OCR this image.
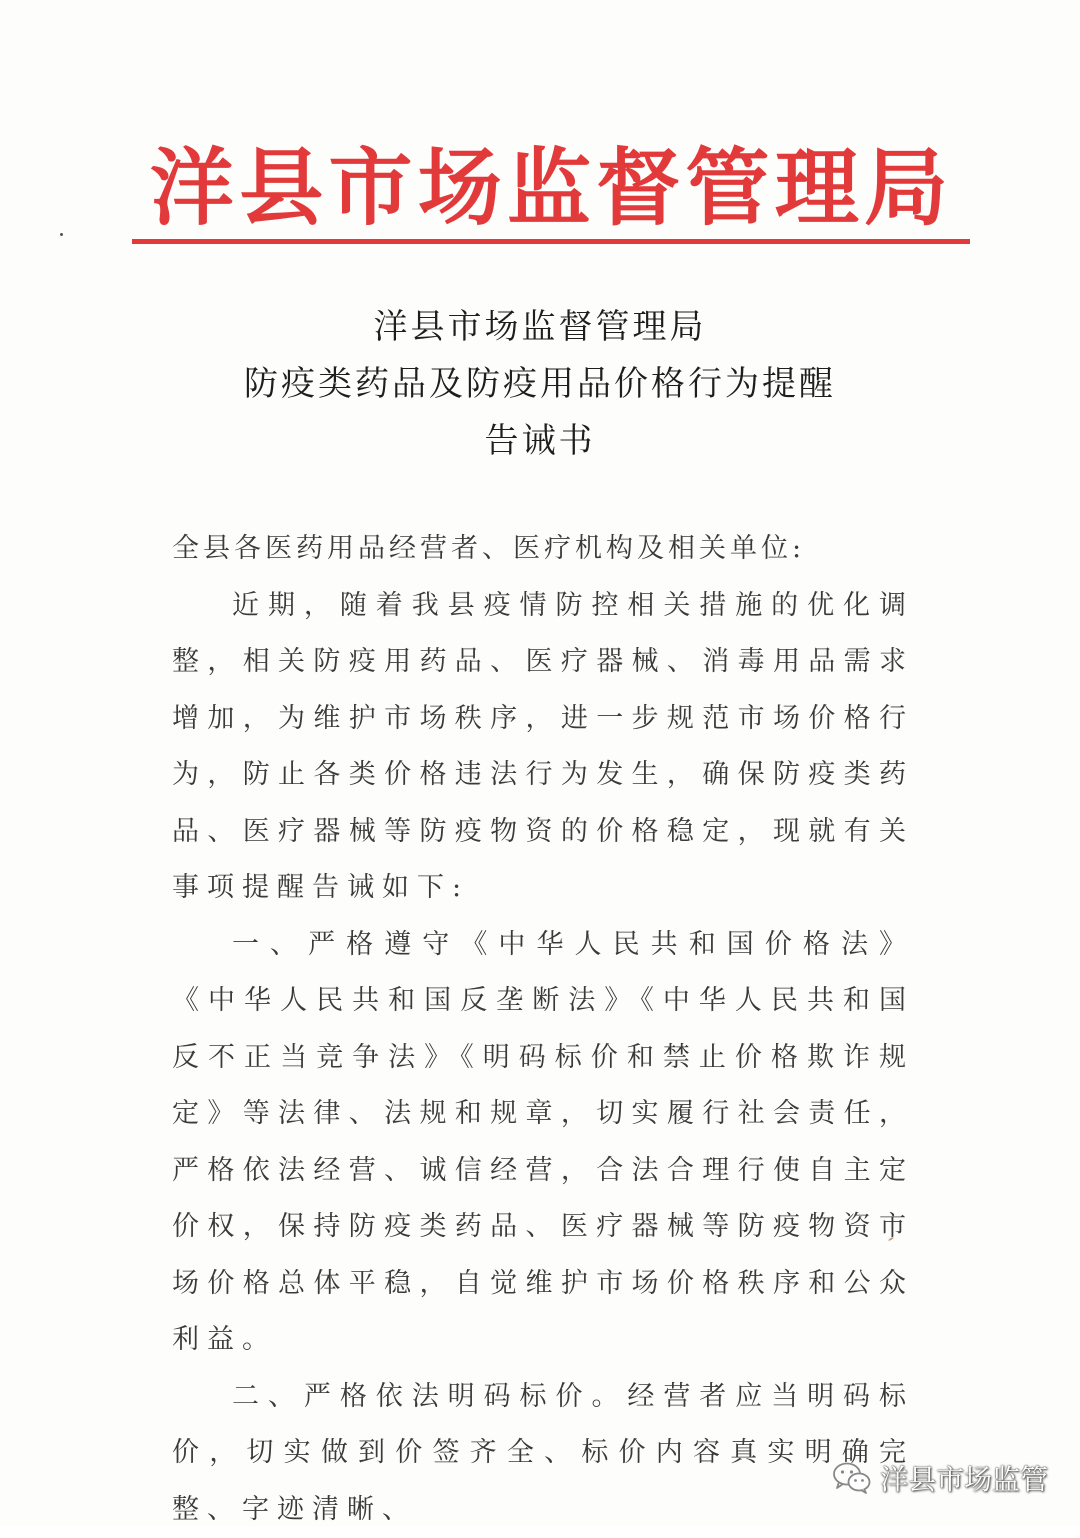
洋县市场监督管理局
洋县市场监督管理局
防疫类药品及防疫用品价格行为提醒
告诫书

全县各医药用品经营者、医疗机构及相关单位:

近期，随着我县疫情防控相关措施的优化调整，相关防疫用药品、医疗器械、消毒用品需求增加，为维护市场秩序，进一步规范市场价格行为，防止各类价格违法行为发生，确保防疫类药品、医疗器械等防疫物资的价格稳定，现就有关事项提醒告诫如下:

一、严格遵守《中华人民共和国价格法》《中华人民共和国反垄断法》《中华人民共和国反不正当竞争法》《明码标价和禁止价格欺诈规定》等法律、法规和规章，切实履行社会责任，严格依法经营、诚信经营，合法合理行使自主定价权，保持防疫类药品、医疗器械等防疫物资市场价格总体平稳，自觉维护市场价格秩序和公众利益。

二、严格依法明码标价。经营者应当明码标价，切实做到价签齐全、标价内容真实明确完整、字迹清晰、

洋县市场监管
